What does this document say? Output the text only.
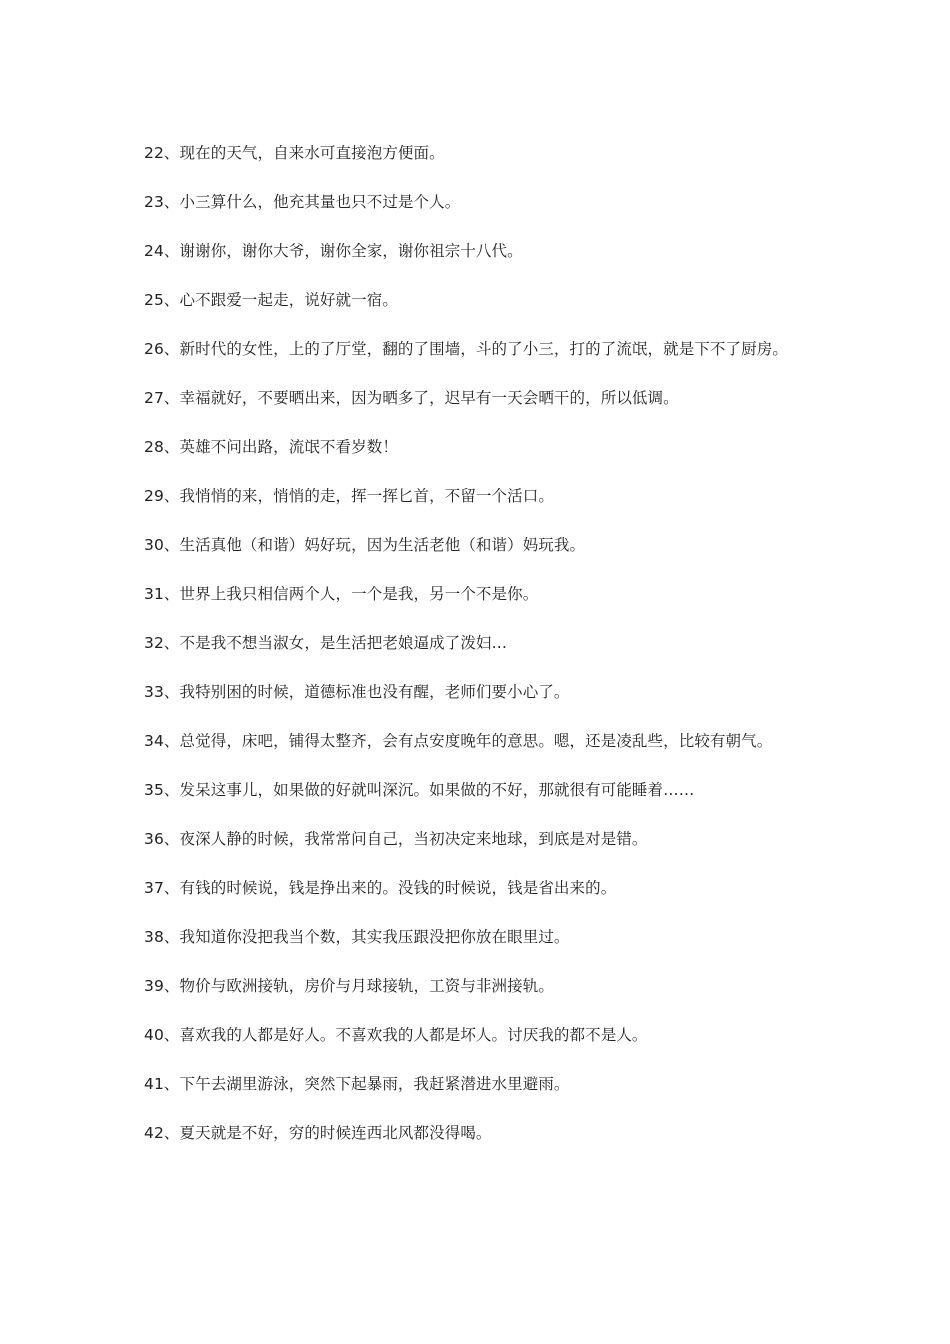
22、现在的天气，自来水可直接泡方便面。

23、小三算什么，他充其量也只不过是个人。

24、谢谢你，谢你大爷，谢你全家，谢你祖宗十八代。

25、心不跟爱一起走，说好就一宿。

26、新时代的女性，上的了厅堂，翻的了围墙，斗的了小三，打的了流氓，就是下不了厨房。

27、幸福就好，不要晒出来，因为晒多了，迟早有一天会晒干的，所以低调。

28、英雄不问出路，流氓不看岁数！

29、我悄悄的来，悄悄的走，挥一挥匕首，不留一个活口。

30、生活真他（和谐）妈好玩，因为生活老他（和谐）妈玩我。

31、世界上我只相信两个人，一个是我，另一个不是你。

32、不是我不想当淑女，是生活把老娘逼成了泼妇…

33、我特别困的时候，道德标准也没有醒，老师们要小心了。

34、总觉得，床吧，铺得太整齐，会有点安度晚年的意思。嗯，还是凌乱些，比较有朝气。

35、发呆这事儿，如果做的好就叫深沉。如果做的不好，那就很有可能睡着……

36、夜深人静的时候，我常常问自己，当初决定来地球，到底是对是错。

37、有钱的时候说，钱是挣出来的。没钱的时候说，钱是省出来的。

38、我知道你没把我当个数，其实我压跟没把你放在眼里过。

39、物价与欧洲接轨，房价与月球接轨，工资与非洲接轨。

40、喜欢我的人都是好人。不喜欢我的人都是坏人。讨厌我的都不是人。

41、下午去湖里游泳，突然下起暴雨，我赶紧潜进水里避雨。

42、夏天就是不好，穷的时候连西北风都没得喝。
